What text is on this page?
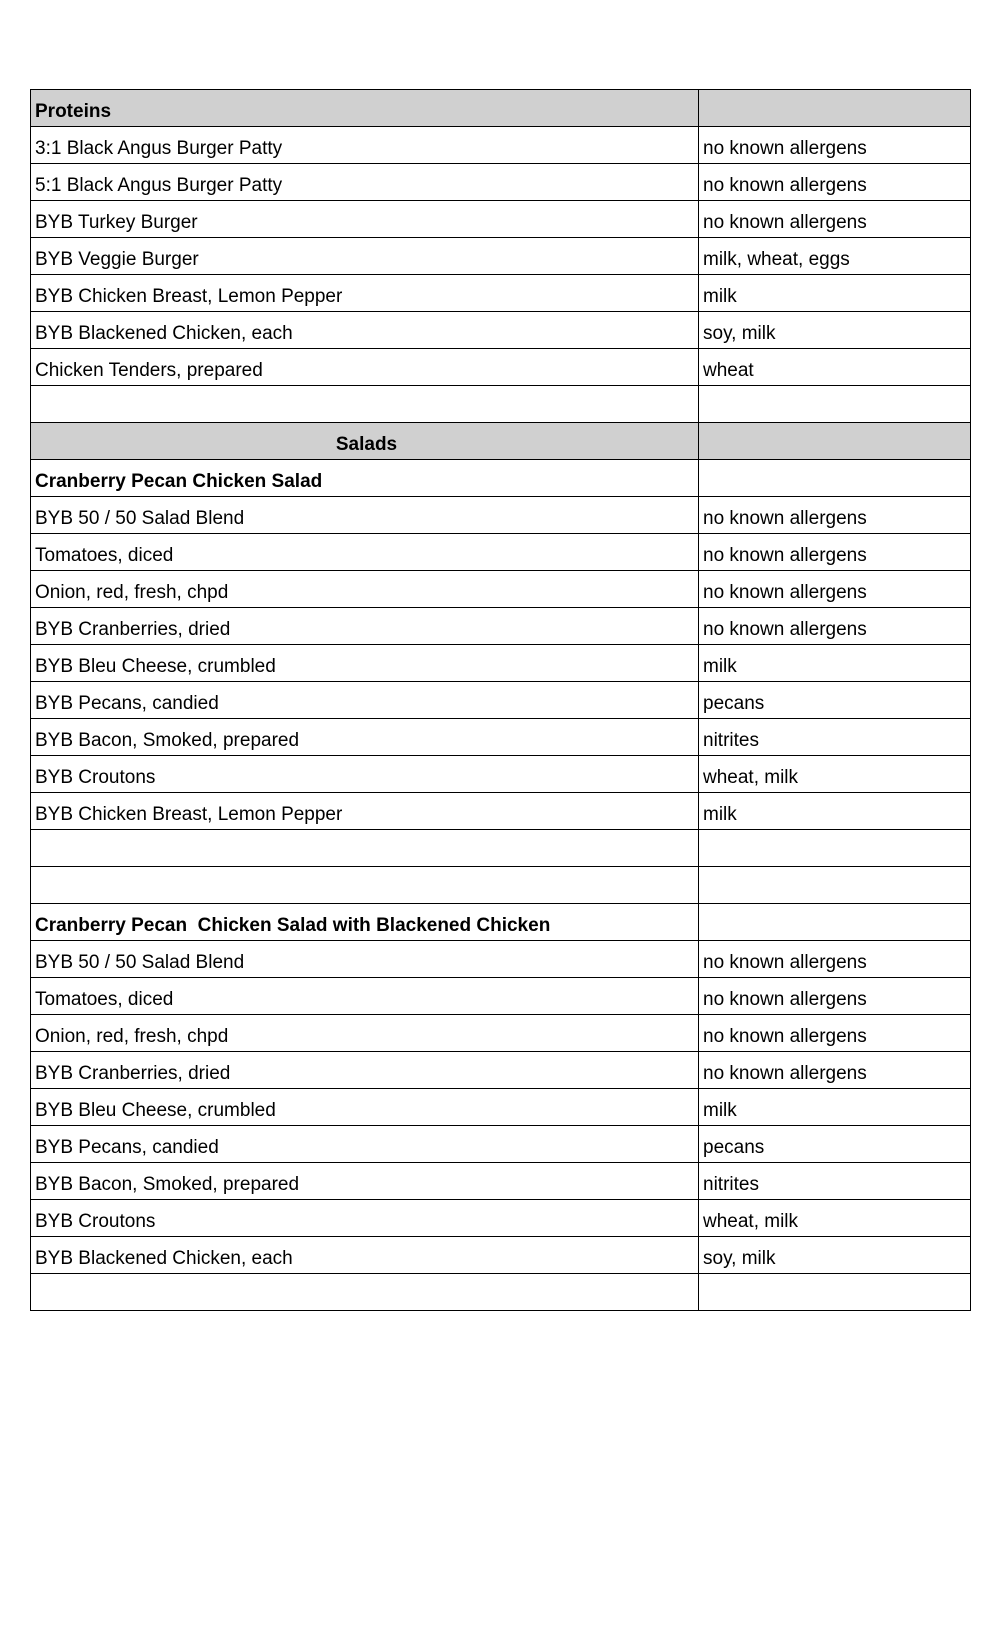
Proteins	
3:1 Black Angus Burger Patty	no known allergens
5:1 Black Angus Burger Patty	no known allergens
BYB Turkey Burger	no known allergens
BYB Veggie Burger	milk, wheat, eggs
BYB Chicken Breast, Lemon Pepper	milk
BYB Blackened Chicken, each	soy, milk
Chicken Tenders, prepared	wheat

Salads	
Cranberry Pecan Chicken Salad	
BYB 50 / 50 Salad Blend	no known allergens
Tomatoes, diced	no known allergens
Onion, red, fresh, chpd	no known allergens
BYB Cranberries, dried	no known allergens
BYB Bleu Cheese, crumbled	milk
BYB Pecans, candied	pecans
BYB Bacon, Smoked, prepared	nitrites
BYB Croutons	wheat, milk
BYB Chicken Breast, Lemon Pepper	milk

Cranberry Pecan  Chicken Salad with Blackened Chicken	
BYB 50 / 50 Salad Blend	no known allergens
Tomatoes, diced	no known allergens
Onion, red, fresh, chpd	no known allergens
BYB Cranberries, dried	no known allergens
BYB Bleu Cheese, crumbled	milk
BYB Pecans, candied	pecans
BYB Bacon, Smoked, prepared	nitrites
BYB Croutons	wheat, milk
BYB Blackened Chicken, each	soy, milk
